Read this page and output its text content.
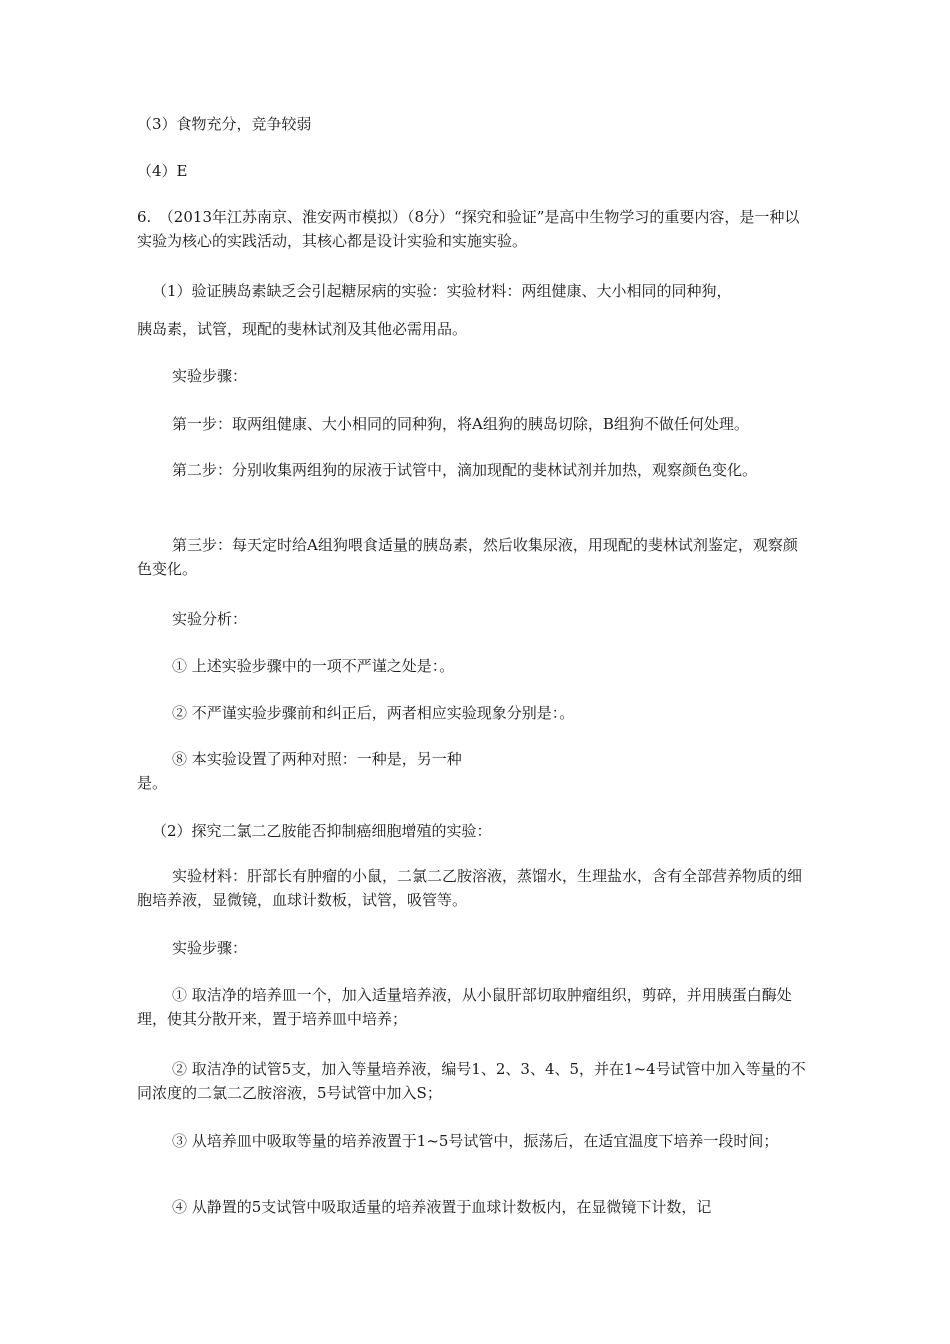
（3）食物充分，竞争较弱
（4）E
6.　（2013年江苏南京、淮安两市模拟）（8分）“探究和验证”是高中生物学习的重要内容，是一种以实验为核心的实践活动，其核心都是设计实验和实施实验。
（1）验证胰岛素缺乏会引起糖尿病的实验：实验材料：两组健康、大小相同的同种狗，
胰岛素，试管，现配的斐林试剂及其他必需用品。
实验步骤：
第一步：取两组健康、大小相同的同种狗，将A组狗的胰岛切除，B组狗不做任何处理。
第二步：分别收集两组狗的尿液于试管中，滴加现配的斐林试剂并加热，观察颜色变化。
第三步：每天定时给A组狗喂食适量的胰岛素，然后收集尿液，用现配的斐林试剂鉴定，观察颜色变化。
实验分析：
① 上述实验步骤中的一项不严谨之处是：。
② 不严谨实验步骤前和纠正后，两者相应实验现象分别是：。
⑧ 本实验设置了两种对照：一种是，另一种
是。
（2）探究二氯二乙胺能否抑制癌细胞增殖的实验：
实验材料：肝部长有肿瘤的小鼠，二氯二乙胺溶液，蒸馏水，生理盐水，含有全部营养物质的细胞培养液，显微镜，血球计数板，试管，吸管等。
实验步骤：
① 取洁净的培养皿一个，加入适量培养液，从小鼠肝部切取肿瘤组织，剪碎，并用胰蛋白酶处理，使其分散开来，置于培养皿中培养；
② 取洁净的试管5支，加入等量培养液，编号1、2、3、4、5，并在1~4号试管中加入等量的不同浓度的二氯二乙胺溶液，5号试管中加入S；
③ 从培养皿中吸取等量的培养液置于1~5号试管中，振荡后，在适宜温度下培养一段时间；
④ 从静置的5支试管中吸取适量的培养液置于血球计数板内，在显微镜下计数，记
